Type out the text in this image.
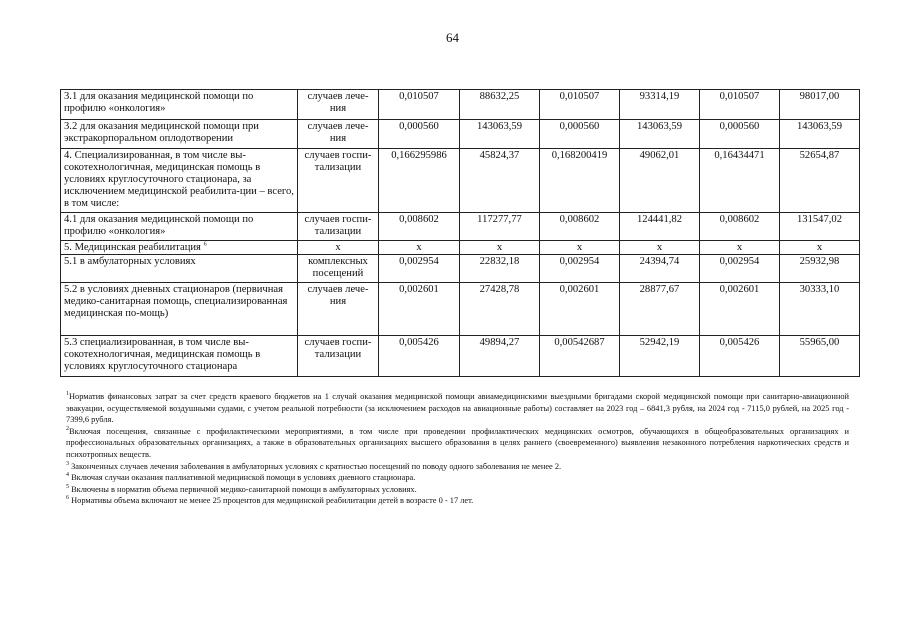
64
3.1 для оказания медицинской помощи по профилю «онкология»	случаев лече-ния	0,010507	88632,25	0,010507	93314,19	0,010507	98017,00
3.2 для оказания медицинской помощи при экстракорпоральном оплодотворении	случаев лече-ния	0,000560	143063,59	0,000560	143063,59	0,000560	143063,59
4. Специализированная, в том числе вы-сокотехнологичная, медицинская помощь в условиях круглосуточного стационара, за исключением медицинской реабилита-ции – всего, в том числе:	случаев госпи-тализации	0,166295986	45824,37	0,168200419	49062,01	0,16434471	52654,87
4.1 для оказания медицинской помощи по профилю «онкология»	случаев госпи-тализации	0,008602	117277,77	0,008602	124441,82	0,008602	131547,02
5. Медицинская реабилитация $^6$	х	х	х	х	х	х	х
5.1 в амбулаторных условиях	комплексных посещений	0,002954	22832,18	0,002954	24394,74	0,002954	25932,98
5.2 в условиях дневных стационаров (первичная медико-санитарная помощь, специализированная медицинская по-мощь)	случаев лече-ния	0,002601	27428,78	0,002601	28877,67	0,002601	30333,10
5.3 специализированная, в том числе вы-сокотехнологичная, медицинская помощь в условиях круглосуточного стационара	случаев госпи-тализации	0,005426	49894,27	0,00542687	52942,19	0,005426	55965,00

$^1$Норматив финансовых затрат за счет средств краевого бюджетов на 1 случай оказания медицинской помощи авиамедицинскими выездными бригадами скорой медицинской помощи при санитарно-авиационной эвакуации, осуществляемой воздушными судами, с учетом реальной потребности (за исключением расходов на авиационные работы) составляет на 2023 год – 6841,3 рубля, на 2024 год - 7115,0 рублей, на 2025 год - 7399,6 рубля.

$^2$Включая посещения, связанные с профилактическими мероприятиями, в том числе при проведении профилактических медицинских осмотров, обучающихся в общеобразовательных организациях и профессиональных образовательных организациях, а также в образовательных организациях высшего образования в целях раннего (своевременного) выявления незаконного потребления наркотических средств и психотропных веществ.

$^3$ Законченных случаев лечения заболевания в амбулаторных условиях с кратностью посещений по поводу одного заболевания не менее 2.

$^4$ Включая случаи оказания паллиативной медицинской помощи в условиях дневного стационара.

$^5$ Включены в норматив объема первичной медико-санитарной помощи в амбулаторных условиях.

$^6$ Нормативы объема включают не менее 25 процентов для медицинской реабилитации детей в возрасте 0 - 17 лет.
